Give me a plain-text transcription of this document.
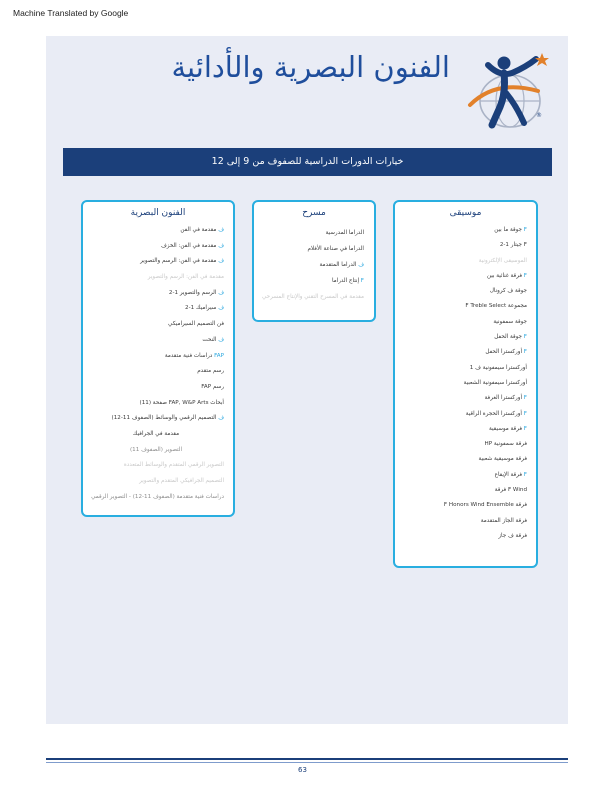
Machine Translated by Google
®
الفنون البصرية والأدائية
خيارات الدورات الدراسية للصفوف من 9 إلى 12
الفنون البصرية
ف مقدمة في الفن
ف مقدمة في الفن: الخزف
ف مقدمة في الفن: الرسم والتصوير
مقدمة في الفن: الرسم والتصوير
ف الرسم والتصوير 1-2
ف سيراميك 1-2
فن التصميم السيراميكي
ف النحت
FAP دراسات فنية متقدمة
رسم متقدم
رسم FAP
أبحاث FAP, W&P Arts صفحة (11)
ف التصميم الرقمي والوسائط (الصفوف 11-12)
مقدمة في الجرافيك
التصوير (الصفوف 11)
التصوير الرقمي المتقدم والوسائط المتعددة
التصميم الجرافيكي المتقدم والتصوير
دراسات فنية متقدمة (الصفوف 11-12) - التصوير الرقمي
مسرح
الدراما المدرسية
الدراما في صناعة الأفلام
ف الدراما المتقدمة
F إنتاج الدراما
مقدمة في المسرح التقني والإنتاج المسرحي
موسيقى
F جوقة ما بين
F جيتار 1-2
الموسيقى الإلكترونية
F فرقة غنائية بين
جوقة ف كرونال
مجموعة F Treble Select
جوقة سمفونية
F جوقة الحفل
F أوركسترا الحفل
أوركسترا سيمفونية ف 1
أوركسترا سيمفونية الشعبية
F أوركسترا الغرفة
F أوركسترا الحجرة الراقية
F فرقة موسيقية
فرقة سمفونية HP
فرقة موسيقية شعبية
F فرقة الإيقاع
F Wind فرقة
فرقة F Honors Wind Ensemble
فرقة الجاز المتقدمة
فرقة ف جاز
63
